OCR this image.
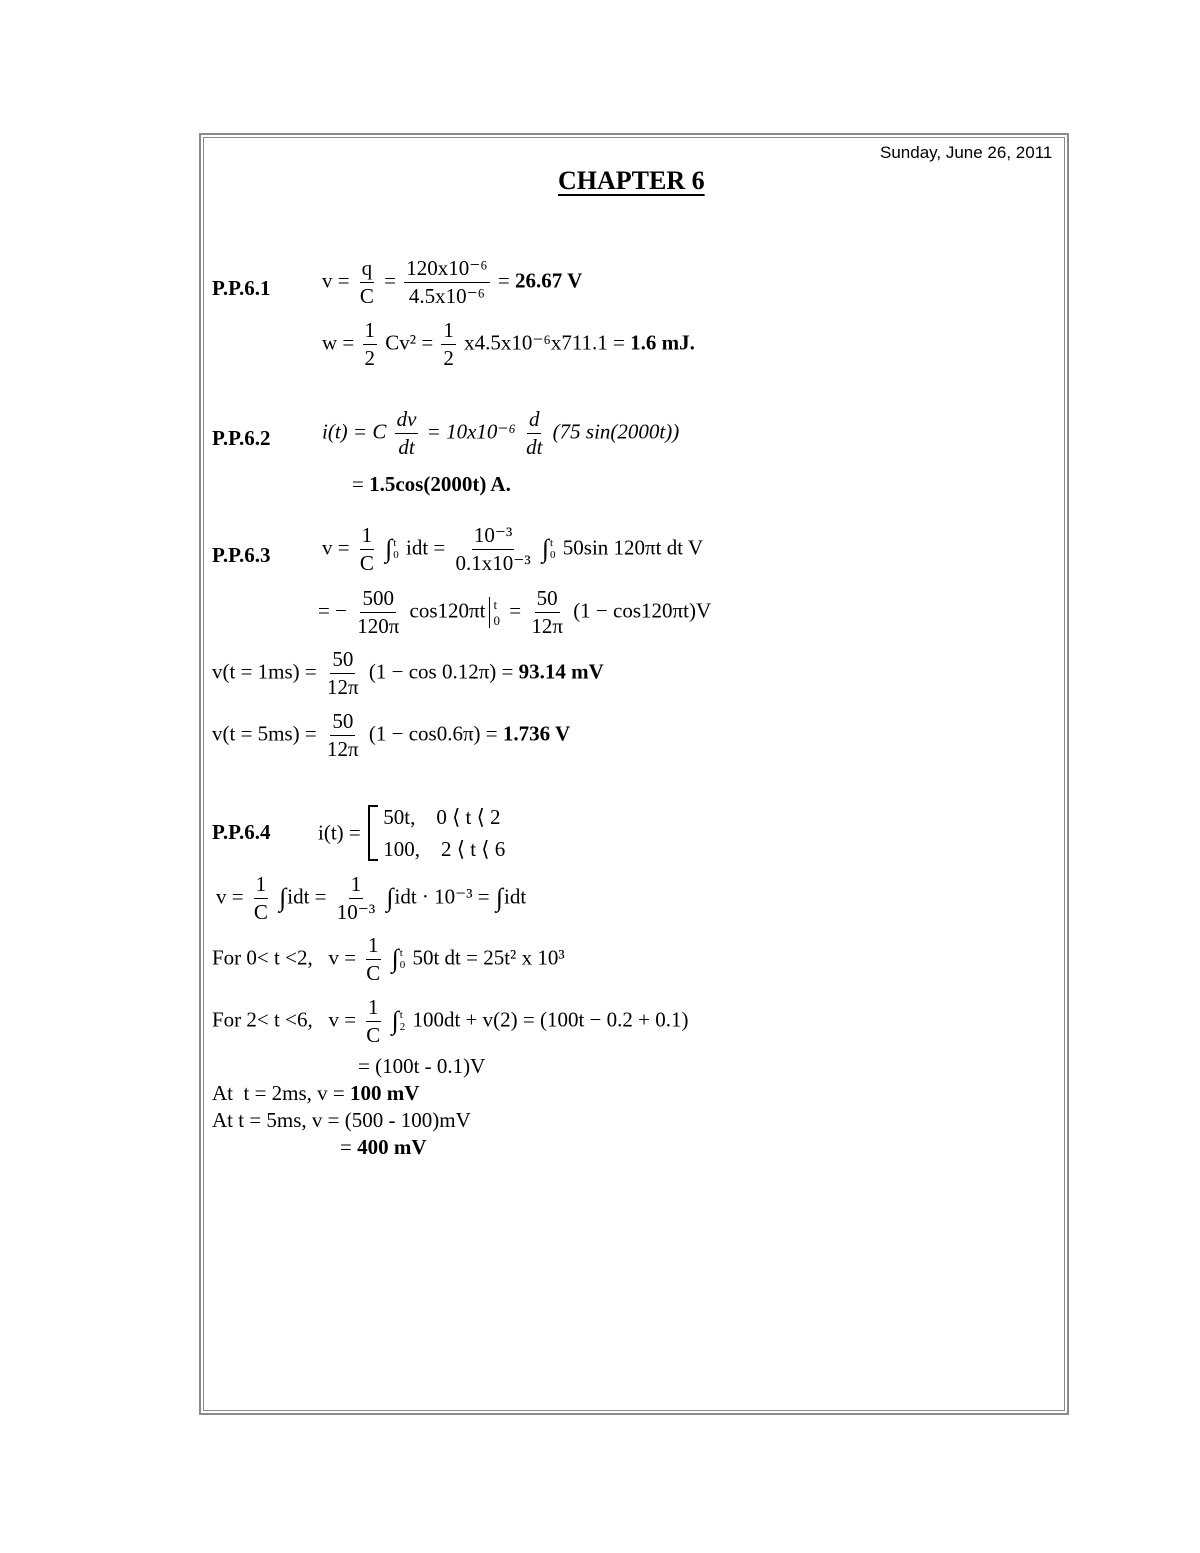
Sunday, June 26, 2011
CHAPTER 6
P.P.6.1 $v = \frac{q}{C} = \frac{\text{120x10⁻⁶}}{\text{4.5x10⁻⁶}} = 26.67$ V
$w = \frac{1}{2} Cv^2 = \frac{1}{2} x4.5x10^{-6}x711.1 = 1.6$ mJ.
P.P.6.2 i(t) = C $\frac{dv}{dt} = 10x10^{-6} \frac{d}{dt} (75$ sin(2000t))
= 1.5cos(2000t) A.
P.P.6.3 $v = \frac{1}{C}$ ∫ t
0 idt = $\frac{\text{10⁻³}}{\text{0.1x10⁻³}}$ ∫ t
0 50sin 120πt dt V
= − $\frac{500}{120\pi} \cos 120\pi t$ t
$0 = \frac{50}{12\pi} (1 - \cos 120\pi t)V$
$v(t = 1ms) = \frac{50}{12\pi} (1 - \cos 0.12\pi) = 93.14$ mV
$v(t = 5ms) = \frac{50}{12\pi} (1 - \cos 0.6\pi) = 1.736$ V
P.P.6.4 i(t) =
50t,    0 ⟨ t ⟨ 2
100,    2 ⟨ t ⟨ 6
$v = \frac{1}{C} \int idt = \frac{1}{\text{10⁻³}} \int idt \cdot 10^{-3} = \int idt$
For 0< t <2,   $v = \frac{1}{C}$ ∫ t
0 50t dt = 25t² x 10³
For 2< t <6,   $v = \frac{1}{C}$ ∫ t
2 100dt + v(2) = (100t − 0.2 + 0.1)
= (100t - 0.1)V
At  t = 2ms, v = 100 mV
At t = 5ms, v = (500 - 100)mV
= 400 mV
